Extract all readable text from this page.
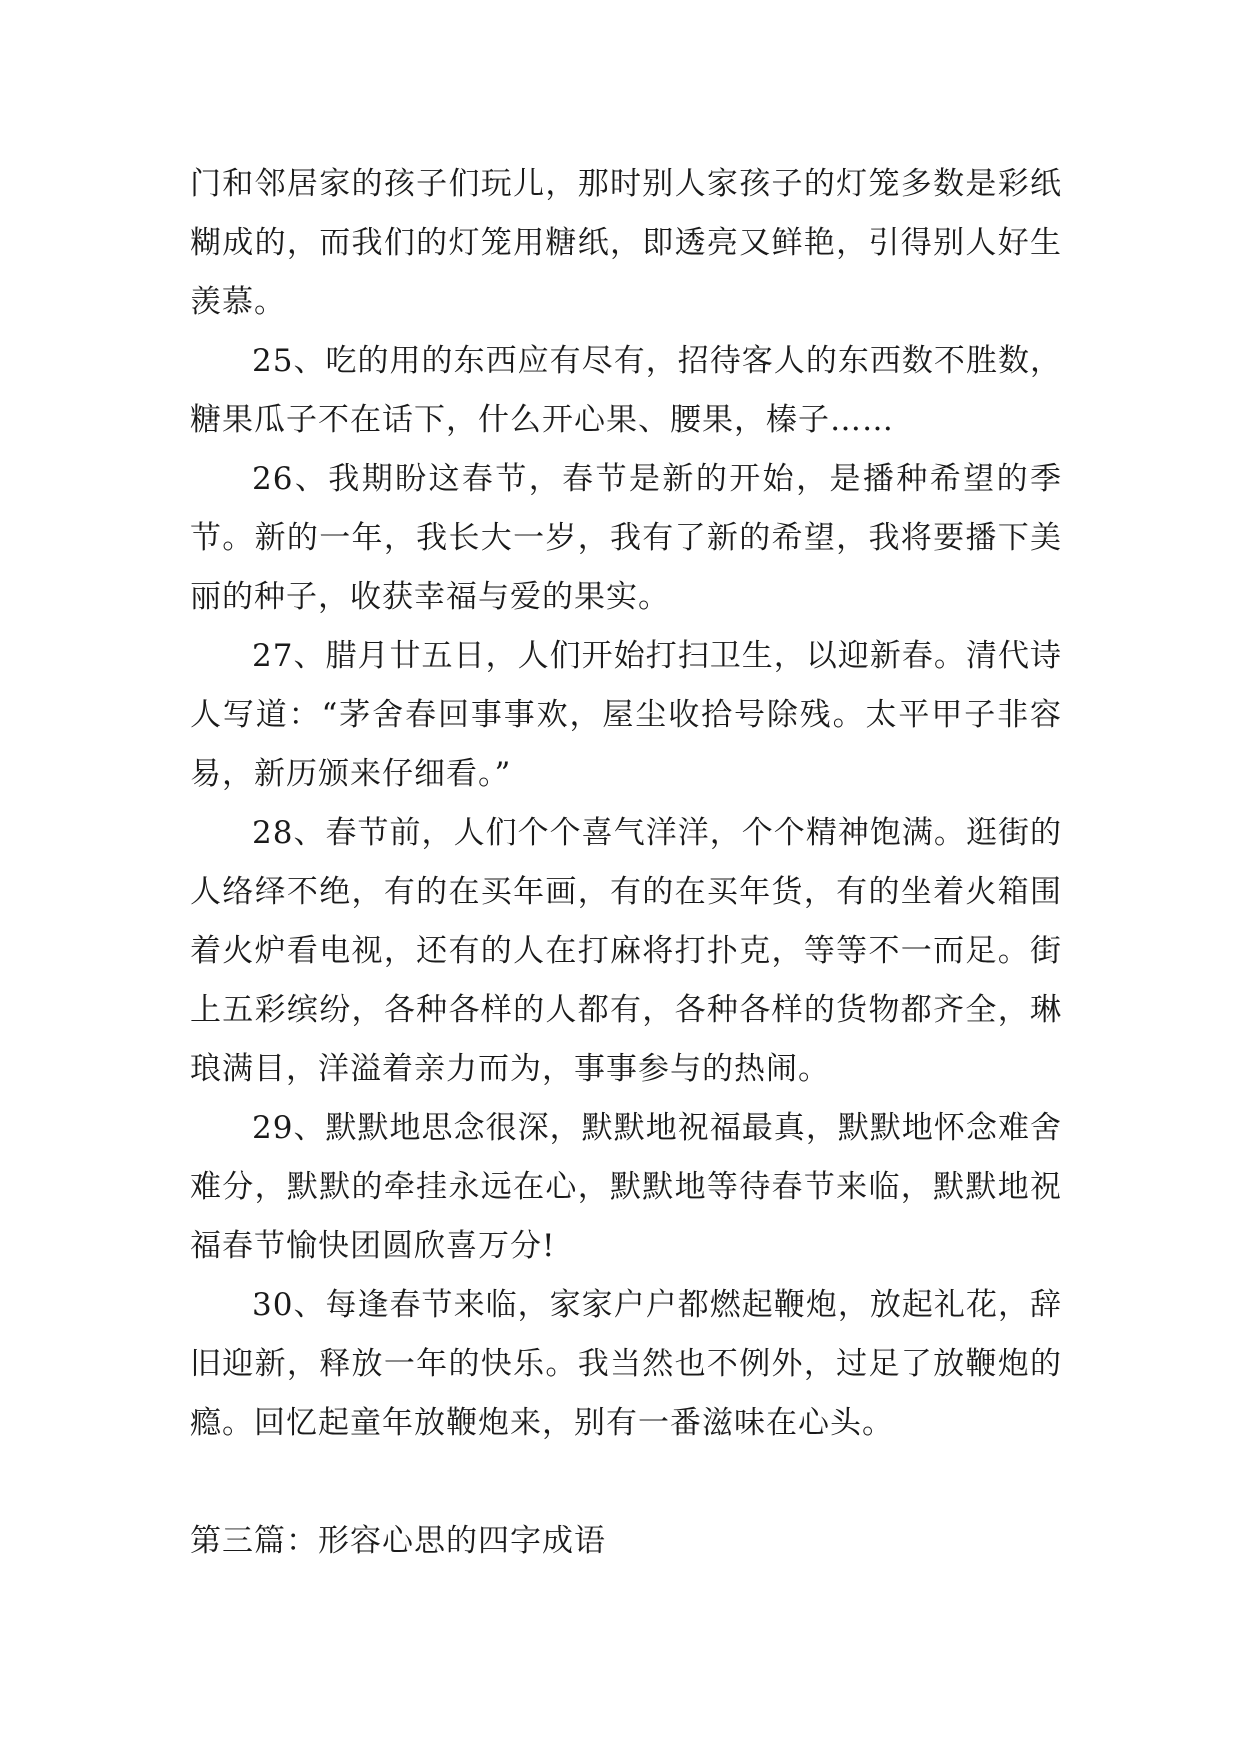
门和邻居家的孩子们玩儿，那时别人家孩子的灯笼多数是彩纸糊成的，而我们的灯笼用糖纸，即透亮又鲜艳，引得别人好生羡慕。

25、吃的用的东西应有尽有，招待客人的东西数不胜数，糖果瓜子不在话下，什么开心果、腰果，榛子……

26、我期盼这春节，春节是新的开始，是播种希望的季节。新的一年，我长大一岁，我有了新的希望，我将要播下美丽的种子，收获幸福与爱的果实。

27、腊月廿五日，人们开始打扫卫生，以迎新春。清代诗人写道：“茅舍春回事事欢，屋尘收拾号除残。太平甲子非容易，新历颁来仔细看。”

28、春节前，人们个个喜气洋洋，个个精神饱满。逛街的人络绎不绝，有的在买年画，有的在买年货，有的坐着火箱围着火炉看电视，还有的人在打麻将打扑克，等等不一而足。街上五彩缤纷，各种各样的人都有，各种各样的货物都齐全，琳琅满目，洋溢着亲力而为，事事参与的热闹。

29、默默地思念很深，默默地祝福最真，默默地怀念难舍难分，默默的牵挂永远在心，默默地等待春节来临，默默地祝福春节愉快团圆欣喜万分!

30、每逢春节来临，家家户户都燃起鞭炮，放起礼花，辞旧迎新，释放一年的快乐。我当然也不例外，过足了放鞭炮的瘾。回忆起童年放鞭炮来，别有一番滋味在心头。

第三篇：形容心思的四字成语
